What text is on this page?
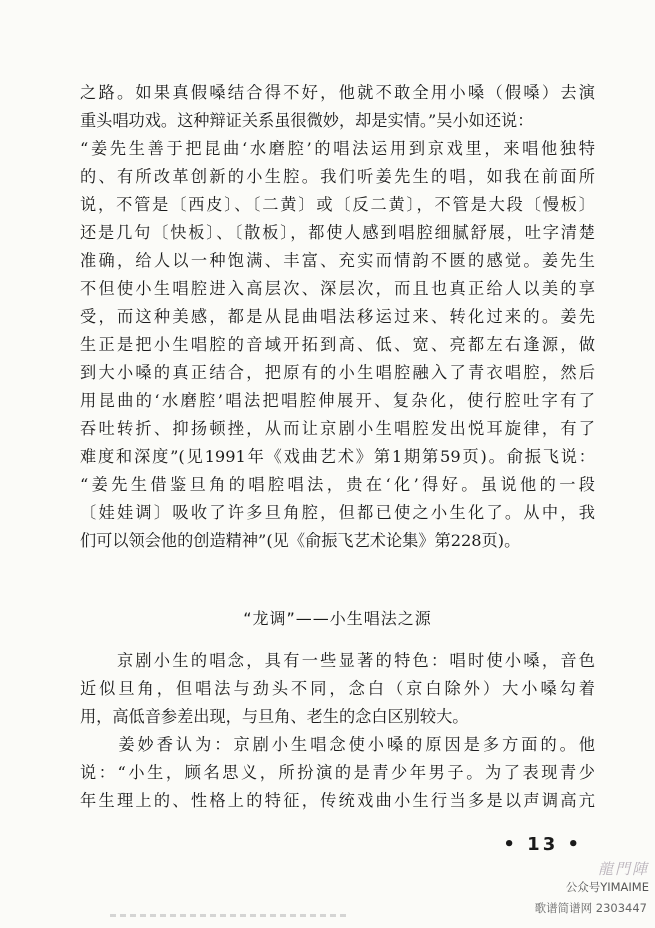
之路。如果真假嗓结合得不好，他就不敢全用小嗓（假嗓）去演
重头唱功戏。这种辩证关系虽很微妙，却是实情。”吴小如还说：
“姜先生善于把昆曲‘水磨腔’的唱法运用到京戏里，来唱他独特
的、有所改革创新的小生腔。我们听姜先生的唱，如我在前面所
说，不管是〔西皮〕、〔二黄〕或〔反二黄〕，不管是大段〔慢板〕
还是几句〔快板〕、〔散板〕，都使人感到唱腔细腻舒展，吐字清楚
准确，给人以一种饱满、丰富、充实而情韵不匮的感觉。姜先生
不但使小生唱腔进入高层次、深层次，而且也真正给人以美的享
受，而这种美感，都是从昆曲唱法移运过来、转化过来的。姜先
生正是把小生唱腔的音域开拓到高、低、宽、亮都左右逢源，做
到大小嗓的真正结合，把原有的小生唱腔融入了青衣唱腔，然后
用昆曲的‘水磨腔’唱法把唱腔伸展开、复杂化，使行腔吐字有了
吞吐转折、抑扬顿挫，从而让京剧小生唱腔发出悦耳旋律，有了
难度和深度”(见1991年《戏曲艺术》第1期第59页)。俞振飞说：
“姜先生借鉴旦角的唱腔唱法，贵在‘化’得好。虽说他的一段
〔娃娃调〕吸收了许多旦角腔，但都已使之小生化了。从中，我
们可以领会他的创造精神”(见《俞振飞艺术论集》第228页)。
“龙调”——小生唱法之源
　　京剧小生的唱念，具有一些显著的特色：唱时使小嗓，音色
近似旦角，但唱法与劲头不同，念白（京白除外）大小嗓勾着
用，高低音参差出现，与旦角、老生的念白区别较大。
　　姜妙香认为：京剧小生唱念使小嗓的原因是多方面的。他
说：“小生，顾名思义，所扮演的是青少年男子。为了表现青少
年生理上的、性格上的特征，传统戏曲小生行当多是以声调高亢
• 13 •
龍門陣
公众号YIMAIME
歌谱简谱网 2303447
